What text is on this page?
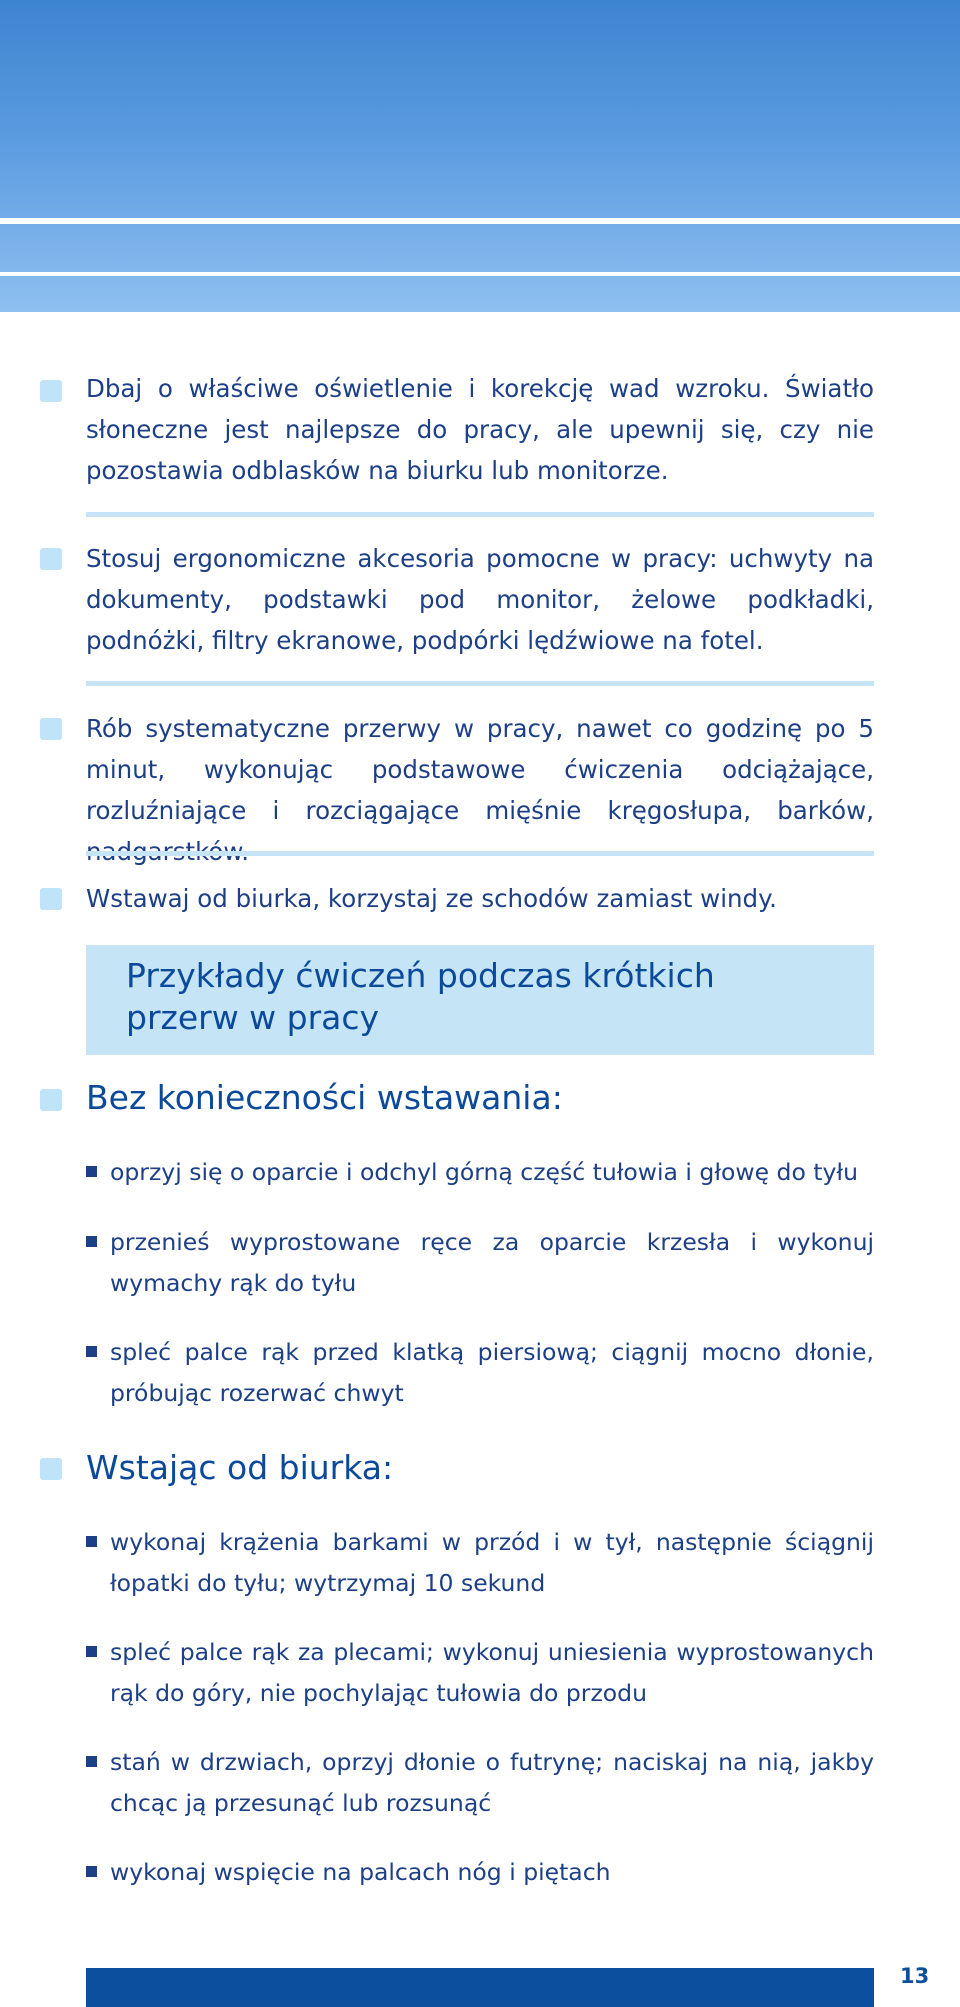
Dbaj o właściwe oświetlenie i korekcję wad wzroku. Światło słoneczne jest najlepsze do pracy, ale upewnij się, czy nie pozostawia odblasków na biurku lub monitorze.

Stosuj ergonomiczne akcesoria pomocne w pracy: uchwyty na dokumenty, podstawki pod monitor, żelowe podkładki, podnóżki, filtry ekranowe, podpórki lędźwiowe na fotel.

Rób systematyczne przerwy w pracy, nawet co godzinę po 5 minut, wykonując podstawowe ćwiczenia odciążające, rozluźniające i rozciągające mięśnie kręgosłupa, barków,

Wstawaj od biurka, korzystaj ze schodów zamiast windy.

Przykłady ćwiczeń podczas krótkich
przerw w pracy
Bez konieczności wstawania:

oprzyj się o oparcie i odchyl górną część tułowia i głowę do tyłu

przenieś wyprostowane ręce za oparcie krzesła i wykonuj wymachy rąk do tyłu

spleć palce rąk przed klatką piersiową; ciągnij mocno dłonie, próbując rozerwać chwyt

Wstając od biurka:

wykonaj krążenia barkami w przód i w tył, następnie ściągnij łopatki do tyłu; wytrzymaj 10 sekund

spleć palce rąk za plecami; wykonuj uniesienia wyprostowanych rąk do góry, nie pochylając tułowia do przodu

stań w drzwiach, oprzyj dłonie o futrynę; naciskaj na nią, jakby chcąc ją przesunąć lub rozsunąć

wykonaj wspięcie na palcach nóg i piętach

13
